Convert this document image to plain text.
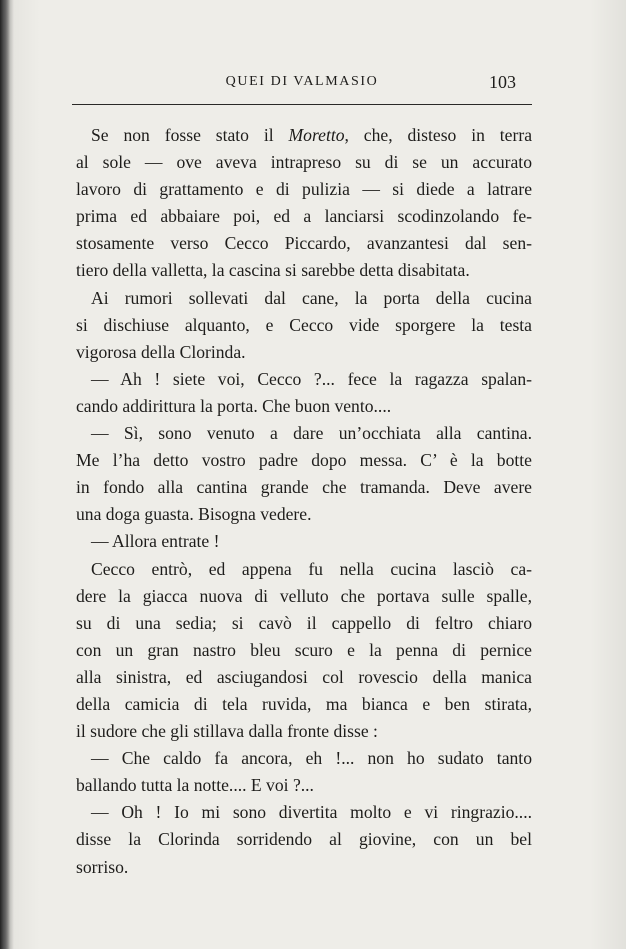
QUEI DI VALMASIO	103
Se non fosse stato il Moretto, che, disteso in terra
al sole — ove aveva intrapreso su di se un accurato
lavoro di grattamento e di pulizia — si diede a latrare
prima ed abbaiare poi, ed a lanciarsi scodinzolando fe-
stosamente verso Cecco Piccardo, avanzantesi dal sen-
tiero della valletta, la cascina si sarebbe detta disabitata.
Ai rumori sollevati dal cane, la porta della cucina
si dischiuse alquanto, e Cecco vide sporgere la testa
vigorosa della Clorinda.
— Ah ! siete voi, Cecco ?... fece la ragazza spalan-
cando addirittura la porta. Che buon vento....
— Sì, sono venuto a dare un’occhiata alla cantina.
Me l’ha detto vostro padre dopo messa. C’ è la botte
in fondo alla cantina grande che tramanda. Deve avere
una doga guasta. Bisogna vedere.
— Allora entrate !
Cecco entrò, ed appena fu nella cucina lasciò ca-
dere la giacca nuova di velluto che portava sulle spalle,
su di una sedia; si cavò il cappello di feltro chiaro
con un gran nastro bleu scuro e la penna di pernice
alla sinistra, ed asciugandosi col rovescio della manica
della camicia di tela ruvida, ma bianca e ben stirata,
il sudore che gli stillava dalla fronte disse :
— Che caldo fa ancora, eh !... non ho sudato tanto
ballando tutta la notte.... E voi ?...
— Oh ! Io mi sono divertita molto e vi ringrazio....
disse la Clorinda sorridendo al giovine, con un bel
sorriso.
